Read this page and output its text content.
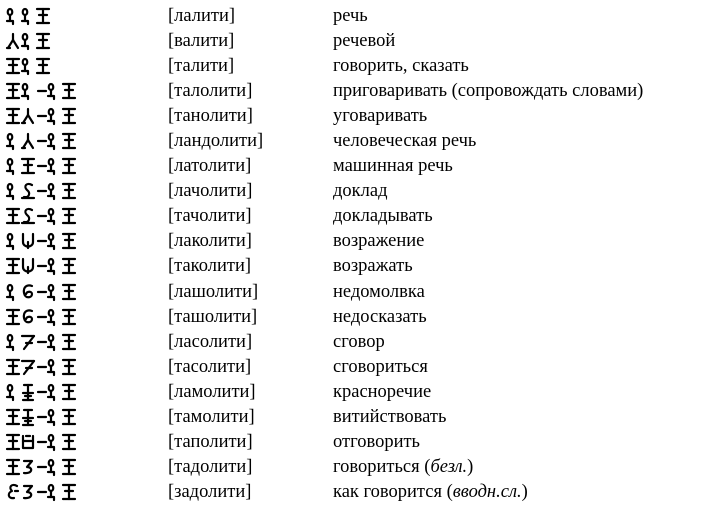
[лалити]	речь
[валити]	речевой
[талити]	говорить, сказать
[талолити]	приговаривать (сопровождать словами)
[танолити]	уговаривать
[ландолити]	человеческая речь
[латолити]	машинная речь
[лачолити]	доклад
[тачолити]	докладывать
[лаколити]	возражение
[таколити]	возражать
[лашолити]	недомолвка
[ташолити]	недосказать
[ласолити]	сговор
[тасолити]	сговориться
[ламолити]	красноречие
[тамолити]	витийствовать
[таполити]	отговорить
[тадолити]	говориться (безл.)
[задолити]	как говорится (вводн.сл.)
